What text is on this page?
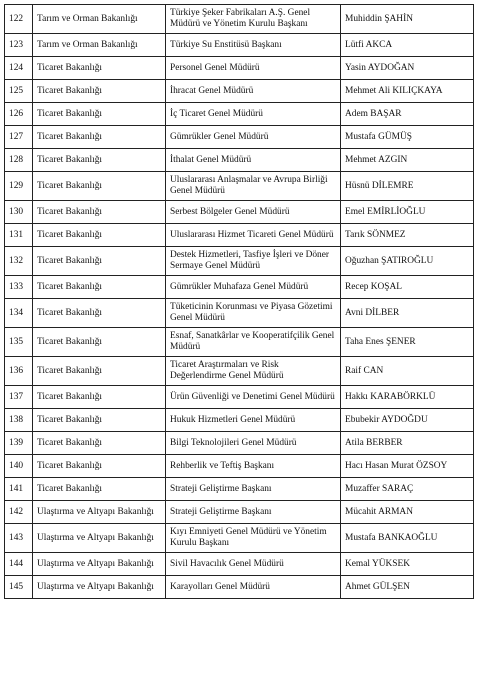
122	Tarım ve Orman Bakanlığı	Türkiye Şeker Fabrikaları A.Ş. Genel Müdürü ve Yönetim Kurulu Başkanı	Muhiddin ŞAHİN
123	Tarım ve Orman Bakanlığı	Türkiye Su Enstitüsü Başkanı	Lütfi AKCA
124	Ticaret Bakanlığı	Personel Genel Müdürü	Yasin AYDOĞAN
125	Ticaret Bakanlığı	İhracat Genel Müdürü	Mehmet Ali KILIÇKAYA
126	Ticaret Bakanlığı	İç Ticaret Genel Müdürü	Adem BAŞAR
127	Ticaret Bakanlığı	Gümrükler Genel Müdürü	Mustafa GÜMÜŞ
128	Ticaret Bakanlığı	İthalat Genel Müdürü	Mehmet AZGIN
129	Ticaret Bakanlığı	Uluslararası Anlaşmalar ve Avrupa Birliği Genel Müdürü	Hüsnü DİLEMRE
130	Ticaret Bakanlığı	Serbest Bölgeler Genel Müdürü	Emel EMİRLİOĞLU
131	Ticaret Bakanlığı	Uluslararası Hizmet Ticareti Genel Müdürü	Tarık SÖNMEZ
132	Ticaret Bakanlığı	Destek Hizmetleri, Tasfiye İşleri ve Döner Sermaye Genel Müdürü	Oğuzhan ŞATIROĞLU
133	Ticaret Bakanlığı	Gümrükler Muhafaza Genel Müdürü	Recep KOŞAL
134	Ticaret Bakanlığı	Tüketicinin Korunması ve Piyasa Gözetimi Genel Müdürü	Avni DİLBER
135	Ticaret Bakanlığı	Esnaf, Sanatkârlar ve Kooperatifçilik Genel Müdürü	Taha Enes ŞENER
136	Ticaret Bakanlığı	Ticaret Araştırmaları ve Risk Değerlendirme Genel Müdürü	Raif CAN
137	Ticaret Bakanlığı	Ürün Güvenliği ve Denetimi Genel Müdürü	Hakkı KARABÖRKLÜ
138	Ticaret Bakanlığı	Hukuk Hizmetleri Genel Müdürü	Ebubekir AYDOĞDU
139	Ticaret Bakanlığı	Bilgi Teknolojileri Genel Müdürü	Atila BERBER
140	Ticaret Bakanlığı	Rehberlik ve Teftiş Başkanı	Hacı Hasan Murat ÖZSOY
141	Ticaret Bakanlığı	Strateji Geliştirme Başkanı	Muzaffer SARAÇ
142	Ulaştırma ve Altyapı Bakanlığı	Strateji Geliştirme Başkanı	Mücahit ARMAN
143	Ulaştırma ve Altyapı Bakanlığı	Kıyı Emniyeti Genel Müdürü ve Yönetim Kurulu Başkanı	Mustafa BANKAOĞLU
144	Ulaştırma ve Altyapı Bakanlığı	Sivil Havacılık Genel Müdürü	Kemal YÜKSEK
145	Ulaştırma ve Altyapı Bakanlığı	Karayolları Genel Müdürü	Ahmet GÜLŞEN
